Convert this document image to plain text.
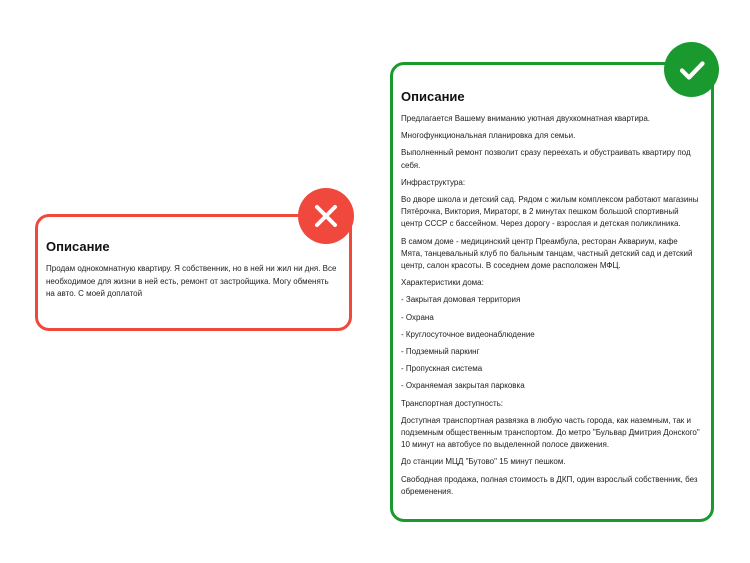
Описание
Продам однокомнатную квартиру. Я собственник, но в ней ни жил ни дня. Все необходимое для жизни в ней есть, ремонт от застройщика. Могу обменять на авто. С моей доплатой
Описание
Предлагается Вашему вниманию уютная двухкомнатная квартира.
Многофункциональная планировка для семьи.
Выполненный ремонт позволит сразу переехать и обустраивать квартиру под себя.
Инфраструктура:
Во дворе школа и детский сад. Рядом с жилым комплексом работают магазины Пятёрочка, Виктория, Мираторг, в 2 минутах пешком большой спортивный центр СССР с бассейном. Через дорогу - взрослая и детская поликлиника.
В самом доме - медицинский центр Преамбула, ресторан Аквариум, кафе Мята, танцевальный клуб по бальным танцам, частный детский сад и детский центр, салон красоты. В соседнем доме расположен МФЦ.
Характеристики дома:
- Закрытая домовая территория
- Охрана
- Круглосуточное видеонаблюдение
- Подземный паркинг
- Пропускная система
- Охраняемая закрытая парковка
Транспортная доступность:
Доступная транспортная развязка в любую часть города, как наземным, так и подземным общественным транспортом. До метро "Бульвар Дмитрия Донского" 10 минут на автобусе по выделенной полосе движения.
До станции МЦД "Бутово" 15 минут пешком.
Свободная продажа, полная стоимость в ДКП, один взрослый собственник, без обременения.
